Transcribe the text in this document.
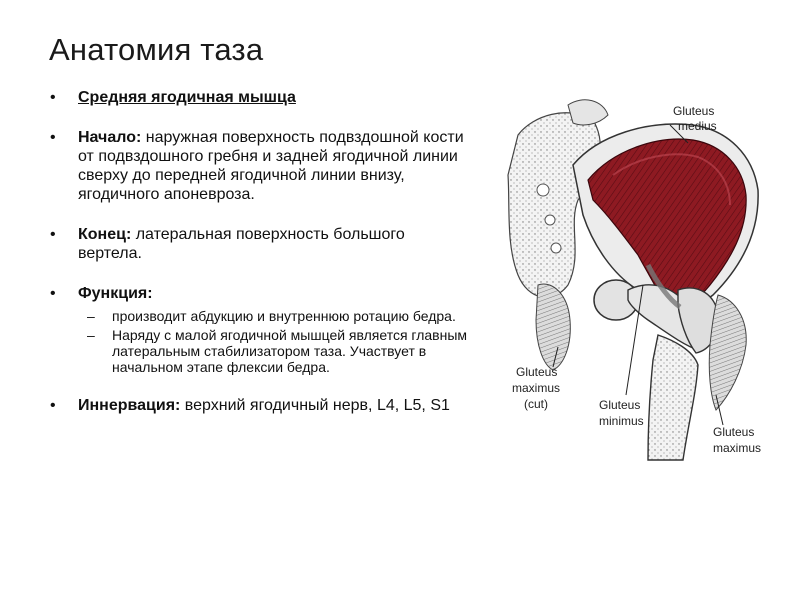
Анатомия таза
• Средняя ягодичная мышца
• Начало: наружная поверхность подвздошной кости от подвздошного гребня и задней ягодичной линии сверху до передней ягодичной линии внизу, ягодичного апоневроза.
• Конец: латеральная поверхность большого вертела.
• Функция:
– производит абдукцию и внутреннюю ротацию бедра.
– Наряду с малой ягодичной мышцей является главным латеральным стабилизатором таза. Участвует в начальном этапе флексии бедра.
• Иннервация: верхний ягодичный нерв, L4, L5, S1
Gluteus
medius
Gluteus
maximus
(cut)	Gluteus
minimus
Gluteus
maximus
